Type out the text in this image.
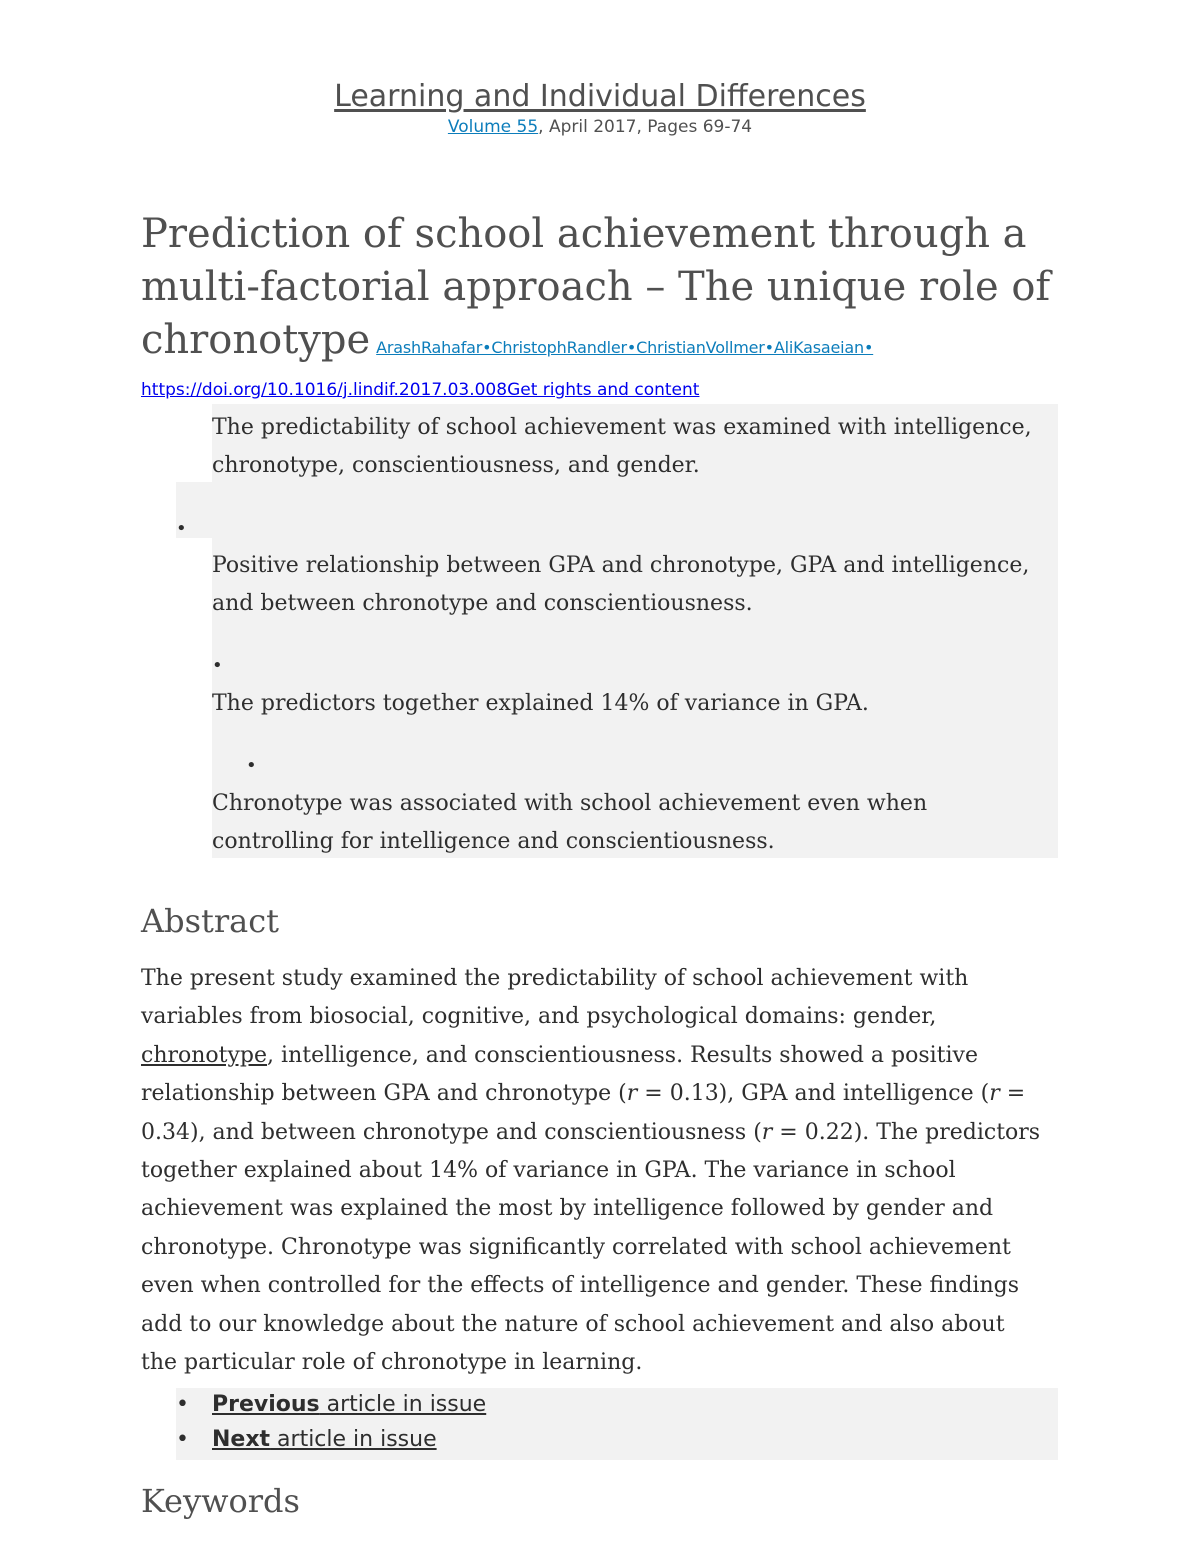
Learning and Individual Differences
Volume 55, April 2017, Pages 69-74
Prediction of school achievement through a multi-factorial approach – The unique role of chronotype ArashRahafar•ChristophRandler•ChristianVollmer•AliKasaeian•
https://doi.org/10.1016/j.lindif.2017.03.008Get rights and content
The predictability of school achievement was examined with intelligence, chronotype, conscientiousness, and gender.
•
Positive relationship between GPA and chronotype, GPA and intelligence, and between chronotype and conscientiousness.
•
The predictors together explained 14% of variance in GPA.
•
Chronotype was associated with school achievement even when controlling for intelligence and conscientiousness.
Abstract

The present study examined the predictability of school achievement with variables from biosocial, cognitive, and psychological domains: gender, chronotype, intelligence, and conscientiousness. Results showed a positive relationship between GPA and chronotype (r = 0.13), GPA and intelligence (r = 0.34), and between chronotype and conscientiousness (r = 0.22). The predictors together explained about 14% of variance in GPA. The variance in school achievement was explained the most by intelligence followed by gender and chronotype. Chronotype was significantly correlated with school achievement even when controlled for the effects of intelligence and gender. These findings add to our knowledge about the nature of school achievement and also about the particular role of chronotype in learning.

• Previous article in issue
• Next article in issue
Keywords
